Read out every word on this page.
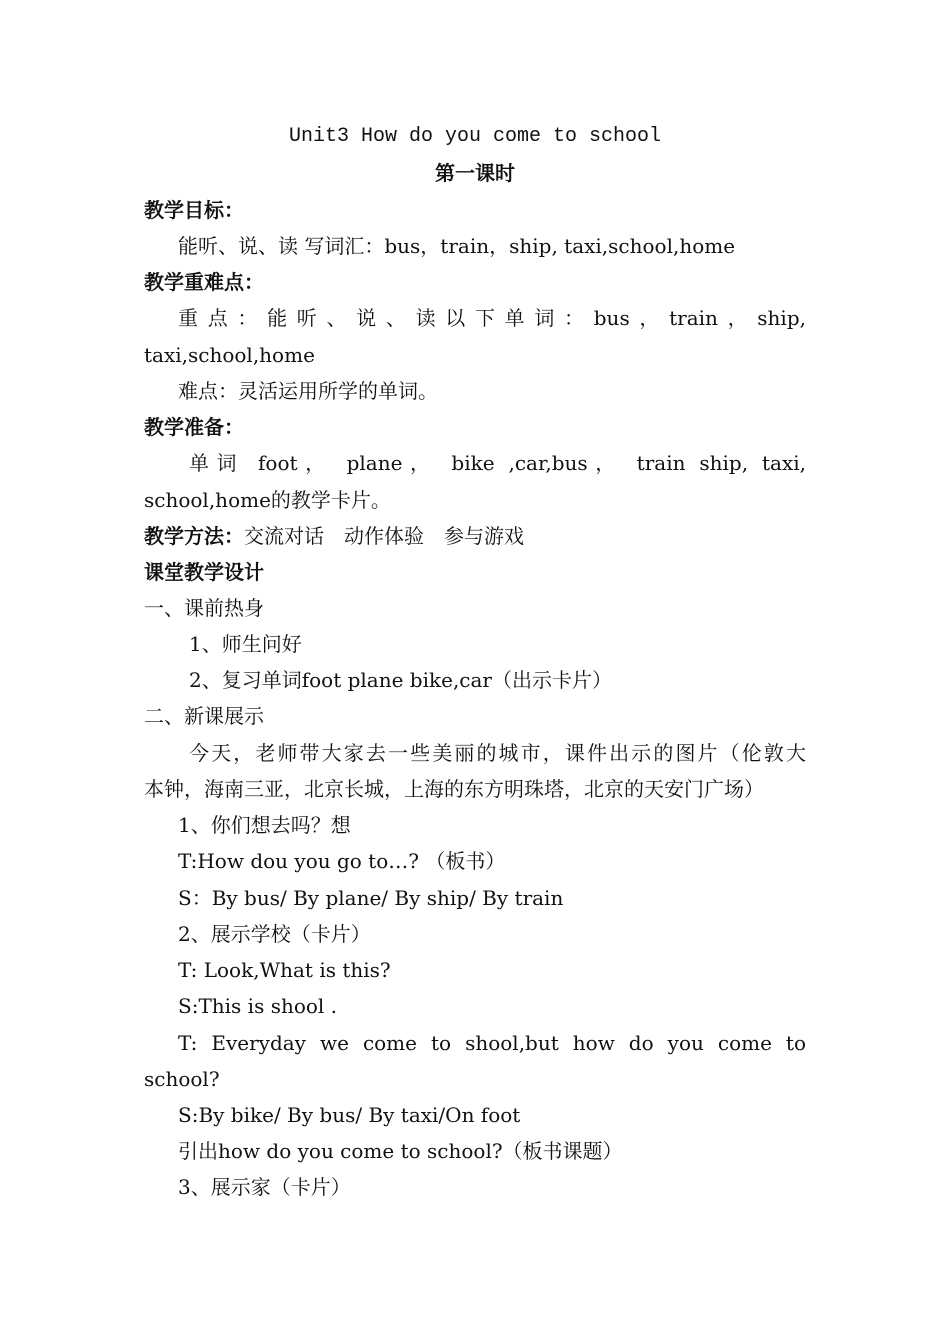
Unit3 How do you come to school
第一课时
教学目标：
能听、说、读 写词汇：bus，train，ship, taxi,school,home
教学重难点：
重点：能听、说、读以下单词：bus，train，ship,
taxi,school,home
难点：灵活运用所学的单词。
教学准备：
单词 foot， plane， bike ,car,bus， train ship, taxi,
school,home的教学卡片。
教学方法：交流对话　动作体验　参与游戏
课堂教学设计
一、课前热身
1、师生问好
2、复习单词foot plane bike,car（出示卡片）
二、新课展示
今天，老师带大家去一些美丽的城市，课件出示的图片（伦敦大
本钟，海南三亚，北京长城，上海的东方明珠塔，北京的天安门广场）
1、你们想去吗？想
T:How dou you go to…? （板书）
S：By bus/ By plane/ By ship/ By train
2、展示学校（卡片）
T: Look,What is this?
S:This is shool .
T: Everyday we come to shool,but how do you come to
school?
S:By bike/ By bus/ By taxi/On foot
引出how do you come to school?（板书课题）
3、展示家（卡片）
